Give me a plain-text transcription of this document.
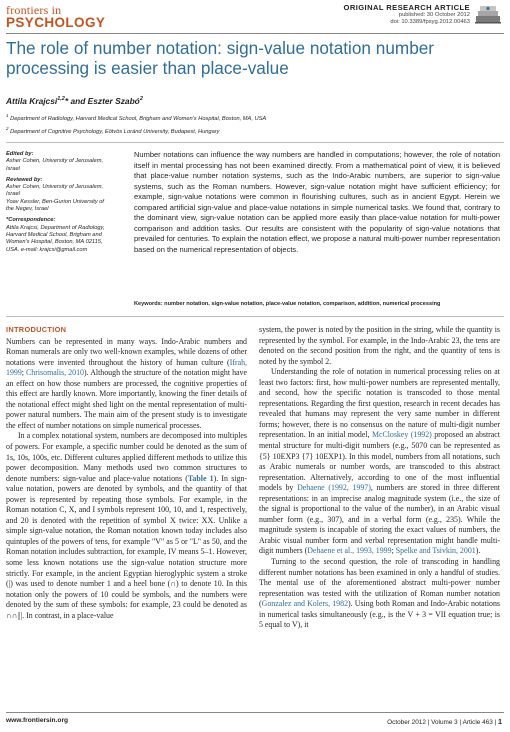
frontiers in
PSYCHOLOGY
ORIGINAL RESEARCH ARTICLE
published: 30 October 2012
doi: 10.3389/fpsyg.2012.00463
The role of number notation: sign-value notation number processing is easier than place-value
Attila Krajcsi$^{1,2}$* and Eszter Szabó$^2$
$^1$ Department of Radiology, Harvard Medical School, Brigham and Women's Hospital, Boston, MA, USA
$^2$ Department of Cognitive Psychology, Eötvös Loránd University, Budapest, Hungary
Edited by:
Asher Cohen, University of Jerusalem, Israel
Reviewed by:
Asher Cohen, University of Jerusalem, Israel
Yoav Kessler, Ben-Gurion University of the Negev, Israel
*Correspondence:
Attila Krajcsi, Department of Radiology, Harvard Medical School, Brigham and Women's Hospital, Boston, MA 02115, USA. e-mail: krajcsi@gmail.com

Number notations can influence the way numbers are handled in computations; however, the role of notation itself in mental processing has not been examined directly. From a mathematical point of view, it is believed that place-value number notation systems, such as the Indo-Arabic numbers, are superior to sign-value systems, such as the Roman numbers. However, sign-value notation might have sufficient efficiency; for example, sign-value notations were common in flourishing cultures, such as in ancient Egypt. Herein we compared artificial sign-value and place-value notations in simple numerical tasks. We found that, contrary to the dominant view, sign-value notation can be applied more easily than place-value notation for multi-power comparison and addition tasks. Our results are consistent with the popularity of sign-value notations that prevailed for centuries. To explain the notation effect, we propose a natural multi-power number representation based on the numerical representation of objects.

Keywords: number notation, sign-value notation, place-value notation, comparison, addition, numerical processing
INTRODUCTION

Numbers can be represented in many ways. Indo-Arabic numbers and Roman numerals are only two well-known examples, while dozens of other notations were invented throughout the history of human culture (Ifrah, 1999; Chrisomalis, 2010). Although the structure of the notation might have an effect on how those numbers are processed, the cognitive properties of this effect are hardly known. More importantly, knowing the finer details of the notational effect might shed light on the mental representation of multi-power natural numbers. The main aim of the present study is to investigate the effect of number notations on simple numerical processes.

In a complex notational system, numbers are decomposed into multiples of powers. For example, a specific number could be denoted as the sum of 1s, 10s, 100s, etc. Different cultures applied different methods to utilize this power decomposition. Many methods used two common structures to denote numbers: sign-value and place-value notations (Table 1). In sign-value notation, powers are denoted by symbols, and the quantity of that power is represented by repeating those symbols. For example, in the Roman notation C, X, and I symbols represent 100, 10, and 1, respectively, and 20 is denoted with the repetition of symbol X twice: XX. Unlike a simple sign-value notation, the Roman notation known today includes also quintuples of the powers of tens, for example "V" as 5 or "L" as 50, and the Roman notation includes subtraction, for example, IV means 5–1. However, some less known notations use the sign-value notation structure more strictly. For example, in the ancient Egyptian hieroglyphic system a stroke (|) was used to denote number 1 and a heel bone (∩) to denote 10. In this notation only the powers of 10 could be symbols, and the numbers were denoted by the sum of these symbols: for example, 23 could be denoted as ∩∩|||. In contrast, in a place-value

system, the power is noted by the position in the string, while the quantity is represented by the symbol. For example, in the Indo-Arabic 23, the tens are denoted on the second position from the right, and the quantity of tens is noted by the symbol 2.

Understanding the role of notation in numerical processing relies on at least two factors: first, how multi-power numbers are represented mentally, and second, how the specific notation is transcoded to those mental representations. Regarding the first question, research in recent decades has revealed that humans may represent the very same number in different forms; however, there is no consensus on the nature of multi-digit number representation. In an initial model, McCloskey (1992) proposed an abstract mental structure for multi-digit numbers (e.g., 5070 can be represented as {5} 10EXP3 {7} 10EXP1). In this model, numbers from all notations, such as Arabic numerals or number words, are transcoded to this abstract representation. Alternatively, according to one of the most influential models by Dehaene (1992, 1997), numbers are stored in three different representations: in an imprecise analog magnitude system (i.e., the size of the signal is proportional to the value of the number), in an Arabic visual number form (e.g., 307), and in a verbal form (e.g., 235). While the magnitude system is incapable of storing the exact values of numbers, the Arabic visual number form and verbal representation might handle multi-digit numbers (Dehaene et al., 1993, 1999; Spelke and Tsivkin, 2001).

Turning to the second question, the role of transcoding in handling different number notations has been examined in only a handful of studies. The mental use of the aforementioned abstract multi-power number representation was tested with the utilization of Roman number notation (Gonzalez and Kolers, 1982). Using both Roman and Indo-Arabic notations in numerical tasks simultaneously (e.g., is the V + 3 = VII equation true; is 5 equal to V), it

www.frontiersin.org	October 2012 | Volume 3 | Article 463 | 1
